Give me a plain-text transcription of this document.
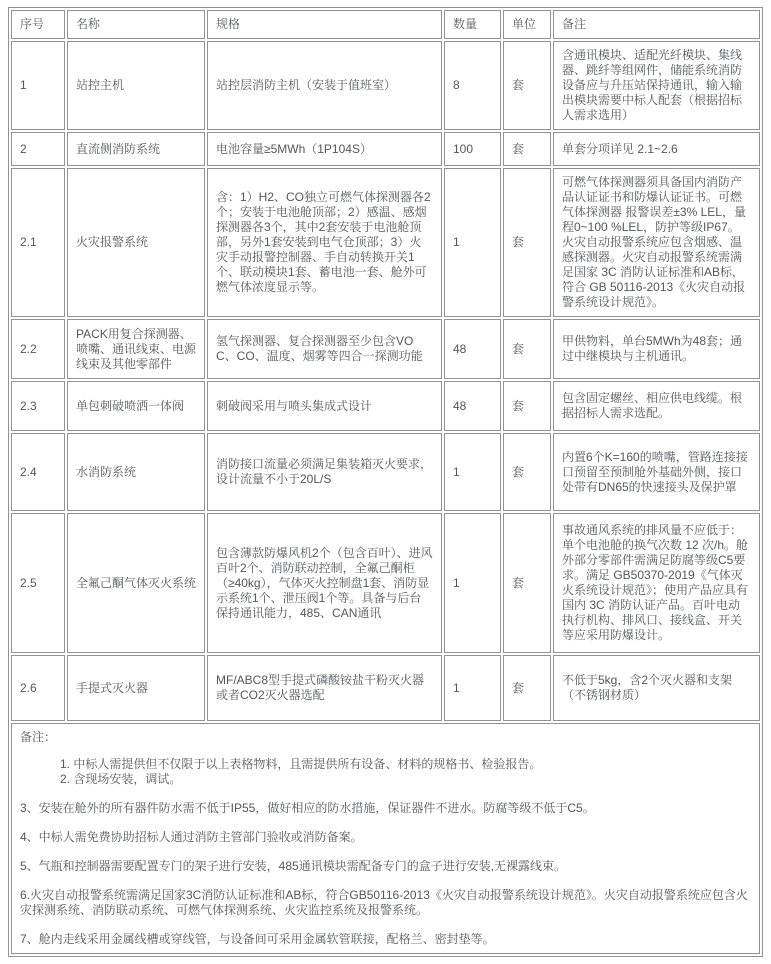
序号	名称	规格	数量	单位	备注
1	站控主机	站控层消防主机（安装于值班室）	8	套	含通讯模块、适配光纤模块、集线器、跳纤等组网件，储能系统消防设备应与升压站保持通讯，输入输出模块需要中标人配套（根据招标人需求选用）
2	直流侧消防系统	电池容量≥5MWh（1P104S）	100	套	单套分项详见 2.1~2.6
2.1	火灾报警系统	含：1）H2、CO独立可燃气体探测器各2个；安装于电池舱顶部；2）感温、感烟探测器各3个，其中2套安装于电池舱顶部，另外1套安装到电气仓顶部；3）火灾手动报警控制器、手自动转换开关1个、联动模块1套、蓄电池一套、舱外可燃气体浓度显示等。	1	套	可燃气体探测器须具备国内消防产品认证证书和防爆认证证书。可燃气体探测器 报警误差±3% LEL，量程0~100 %LEL，防护等级IP67。火灾自动报警系统应包含烟感、温感探测器。火灾自动报警系统需满足国家 3C 消防认证标准和AB标，符合 GB 50116-2013《火灾自动报警系统设计规范》。
2.2	PACK用复合探测器、喷嘴、通讯线束、电源线束及其他零部件	氢气探测器、复合探测器至少包含VOC、CO、温度、烟雾等四合一探测功能	48	套	甲供物料，单台5MWh为48套；通过中继模块与主机通讯。
2.3	单包刺破喷洒一体阀	刺破阀采用与喷头集成式设计	48	套	包含固定螺丝、相应供电线缆。根据招标人需求选配。
2.4	水消防系统	消防接口流量必须满足集装箱灭火要求，设计流量不小于20L/S	1	套	内置6个K=160的喷嘴，管路连接接口预留至预制舱外基础外侧，接口处带有DN65的快速接头及保护罩
2.5	全氟己酮气体灭火系统	包含薄款防爆风机2个（包含百叶）、进风百叶2个、消防联动控制，全氟己酮柜（≥40kg），气体灭火控制盘1套、消防显示系统1个、泄压阀1个等。具备与后台保持通讯能力，485、CAN通讯	1	套	事故通风系统的排风量不应低于：单个电池舱的换气次数 12 次/h。舱外部分零部件需满足防腐等级C5要求。满足 GB50370-2019《气体灭火系统设计规范》；使用产品应具有国内 3C 消防认证产品。百叶电动执行机构、排风口、接线盒、开关等应采用防爆设计。
2.6	手提式灭火器	MF/ABC8型手提式磷酸铵盐干粉灭火器或者CO2灭火器选配	1	套	不低于5kg，含2个灭火器和支架（不锈钢材质）

备注：
1. 中标人需提供但不仅限于以上表格物料，且需提供所有设备、材料的规格书、检验报告。
2. 含现场安装，调试。
3、安装在舱外的所有器件防水需不低于IP55，做好相应的防水措施，保证器件不进水。防腐等级不低于C5。
4、中标人需免费协助招标人通过消防主管部门验收或消防备案。
5、气瓶和控制器需要配置专门的架子进行安装，485通讯模块需配备专门的盒子进行安装,无裸露线束。
6.火灾自动报警系统需满足国家3C消防认证标准和AB标，符合GB50116-2013《火灾自动报警系统设计规范》。火灾自动报警系统应包含火灾探测系统、消防联动系统、可燃气体探测系统、火灾监控系统及报警系统。
7、舱内走线采用金属线槽或穿线管，与设备间可采用金属软管联接，配格兰、密封垫等。
